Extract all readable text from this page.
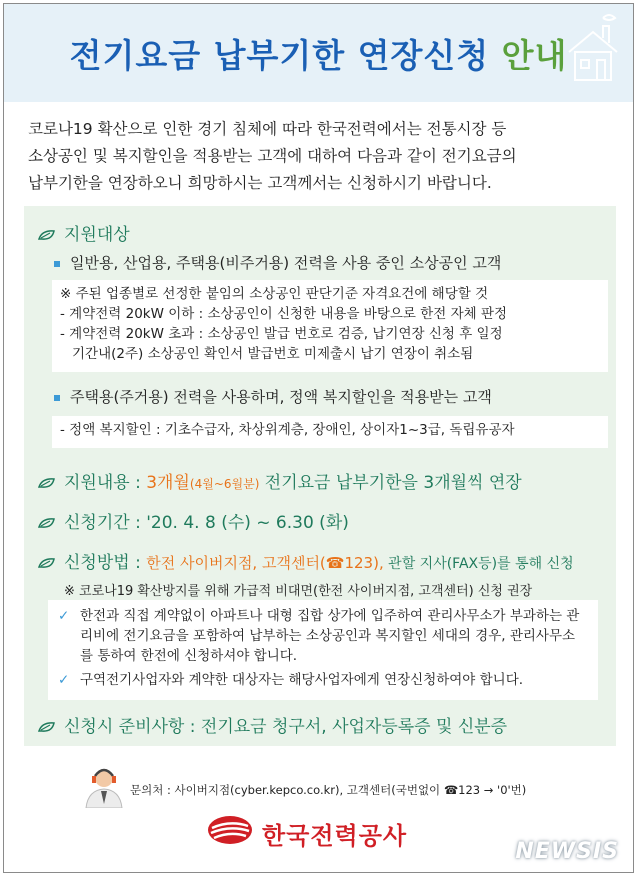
전기요금 납부기한 연장신청 안내
코로나19 확산으로 인한 경기 침체에 따라 한국전력에서는 전통시장 등
소상공인 및 복지할인을 적용받는 고객에 대하여 다음과 같이 전기요금의
납부기한을 연장하오니 희망하시는 고객께서는 신청하시기 바랍니다.
지원대상
일반용, 산업용, 주택용(비주거용) 전력을 사용 중인 소상공인 고객
※ 주된 업종별로 선정한 붙임의 소상공인 판단기준 자격요건에 해당할 것
- 계약전력 20kW 이하 : 소상공인이 신청한 내용을 바탕으로 한전 자체 판정
- 계약전력 20kW 초과 : 소상공인 발급 번호로 검증, 납기연장 신청 후 일정
기간내(2주) 소상공인 확인서 발급번호 미제출시 납기 연장이 취소됨
주택용(주거용) 전력을 사용하며, 정액 복지할인을 적용받는 고객
- 정액 복지할인 : 기초수급자, 차상위계층, 장애인, 상이자1~3급, 독립유공자
지원내용 : 3개월(4월~6월분) 전기요금 납부기한을 3개월씩 연장
신청기간 : '20. 4. 8 (수) ~ 6.30 (화)
신청방법 : 한전 사이버지점, 고객센터(☎123), 관할 지사(FAX등)를 통해 신청
※ 코로나19 확산방지를 위해 가급적 비대면(한전 사이버지점, 고객센터) 신청 권장
✓ 한전과 직접 계약없이 아파트나 대형 집합 상가에 입주하여 관리사무소가 부과하는 관리비에 전기요금을 포함하여 납부하는 소상공인과 복지할인 세대의 경우, 관리사무소를 통하여 한전에 신청하셔야 합니다.
✓ 구역전기사업자와 계약한 대상자는 해당사업자에게 연장신청하여야 합니다.
신청시 준비사항 : 전기요금 청구서, 사업자등록증 및 신분증
문의처 : 사이버지점(cyber.kepco.co.kr), 고객센터(국번없이 ☎123 → '0'번)
한국전력공사
NEWSIS
